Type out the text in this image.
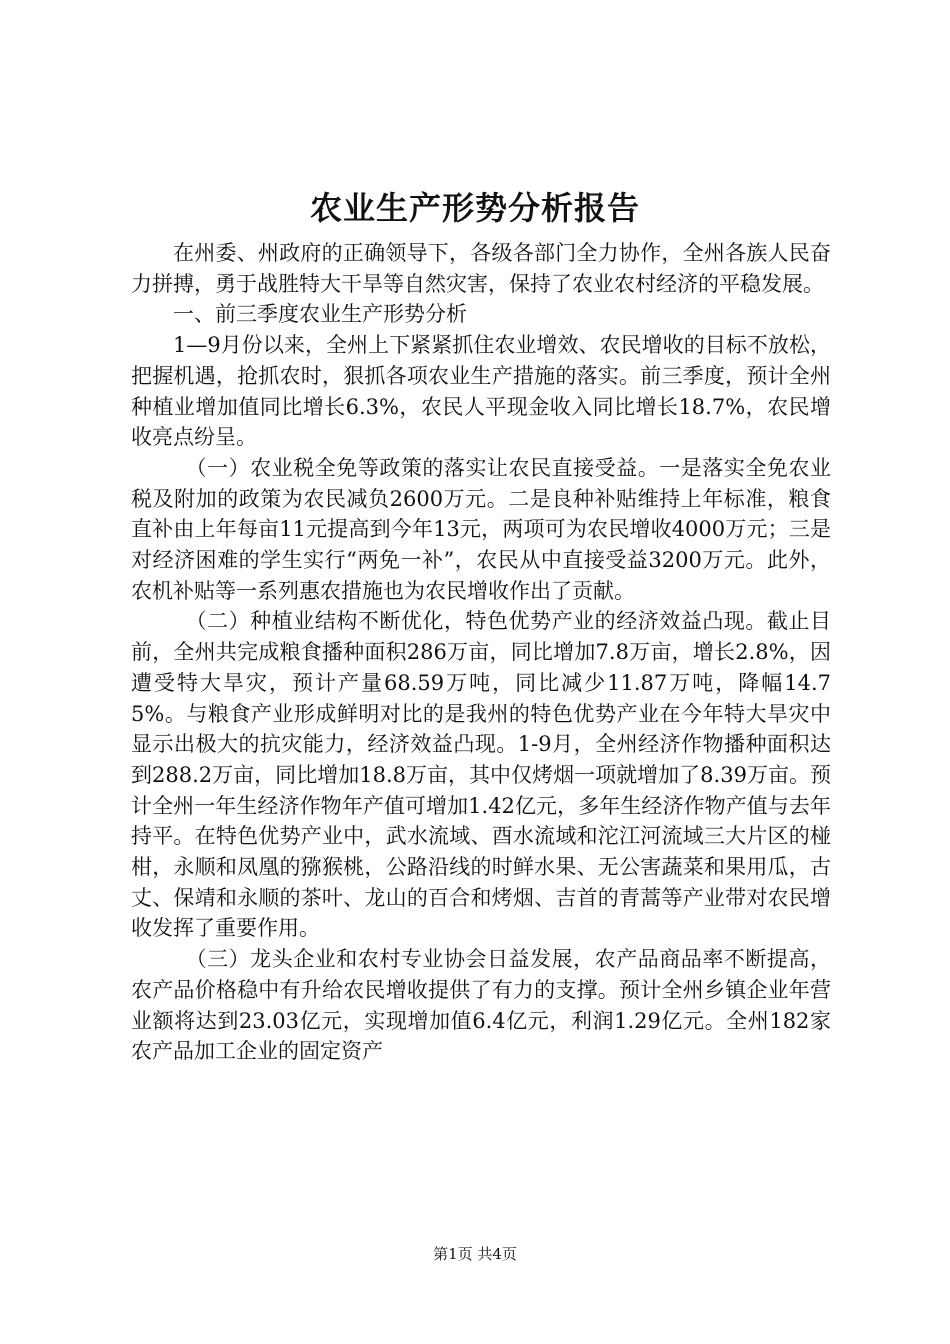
农业生产形势分析报告

在州委、州政府的正确领导下，各级各部门全力协作，全州各族人民奋力拼搏，勇于战胜特大干旱等自然灾害，保持了农业农村经济的平稳发展。

一、前三季度农业生产形势分析

1—9月份以来，全州上下紧紧抓住农业增效、农民增收的目标不放松，把握机遇，抢抓农时，狠抓各项农业生产措施的落实。前三季度，预计全州种植业增加值同比增长6.3%，农民人平现金收入同比增长18.7%，农民增收亮点纷呈。

（一）农业税全免等政策的落实让农民直接受益。一是落实全免农业税及附加的政策为农民减负2600万元。二是良种补贴维持上年标准，粮食直补由上年每亩11元提高到今年13元，两项可为农民增收4000万元；三是对经济困难的学生实行“两免一补”，农民从中直接受益3200万元。此外，农机补贴等一系列惠农措施也为农民增收作出了贡献。

（二）种植业结构不断优化，特色优势产业的经济效益凸现。截止目前，全州共完成粮食播种面积286万亩，同比增加7.8万亩，增长2.8%，因遭受特大旱灾，预计产量68.59万吨，同比减少11.87万吨，降幅14.75%。与粮食产业形成鲜明对比的是我州的特色优势产业在今年特大旱灾中显示出极大的抗灾能力，经济效益凸现。1-9月，全州经济作物播种面积达到288.2万亩，同比增加18.8万亩，其中仅烤烟一项就增加了8.39万亩。预计全州一年生经济作物年产值可增加1.42亿元，多年生经济作物产值与去年持平。在特色优势产业中，武水流域、酉水流域和沱江河流域三大片区的椪柑，永顺和凤凰的猕猴桃，公路沿线的时鲜水果、无公害蔬菜和果用瓜，古丈、保靖和永顺的茶叶、龙山的百合和烤烟、吉首的青蒿等产业带对农民增收发挥了重要作用。

（三）龙头企业和农村专业协会日益发展，农产品商品率不断提高，农产品价格稳中有升给农民增收提供了有力的支撑。预计全州乡镇企业年营业额将达到23.03亿元，实现增加值6.4亿元，利润1.29亿元。全州182家农产品加工企业的固定资产

第1页 共4页
